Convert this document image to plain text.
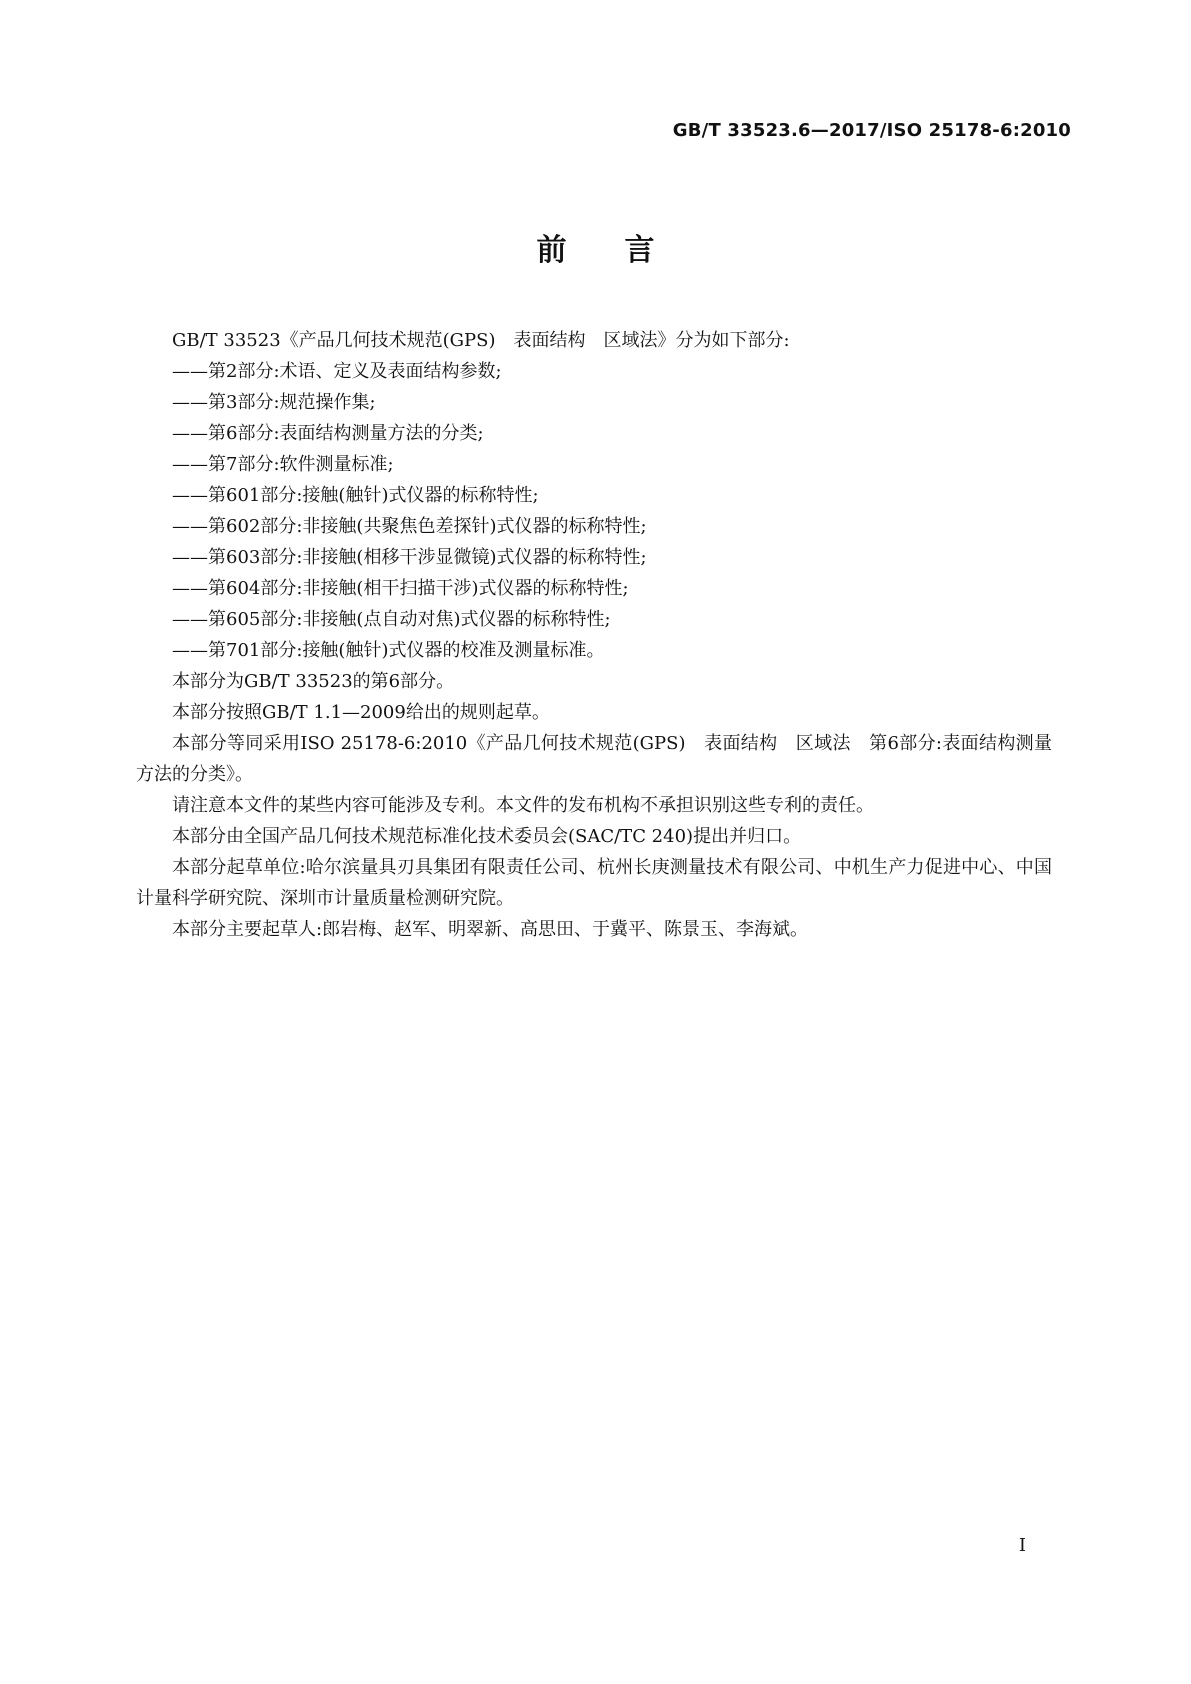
GB/T 33523.6—2017/ISO 25178-6:2010
前言

GB/T 33523《产品几何技术规范(GPS)　表面结构　区域法》分为如下部分:

——第2部分:术语、定义及表面结构参数;

——第3部分:规范操作集;

——第6部分:表面结构测量方法的分类;

——第7部分:软件测量标准;

——第601部分:接触(触针)式仪器的标称特性;

——第602部分:非接触(共聚焦色差探针)式仪器的标称特性;

——第603部分:非接触(相移干涉显微镜)式仪器的标称特性;

——第604部分:非接触(相干扫描干涉)式仪器的标称特性;

——第605部分:非接触(点自动对焦)式仪器的标称特性;

——第701部分:接触(触针)式仪器的校准及测量标准。

本部分为GB/T 33523的第6部分。

本部分按照GB/T 1.1—2009给出的规则起草。

本部分等同采用ISO 25178-6:2010《产品几何技术规范(GPS)　表面结构　区域法　第6部分:表面结构测量方法的分类》。

请注意本文件的某些内容可能涉及专利。本文件的发布机构不承担识别这些专利的责任。

本部分由全国产品几何技术规范标准化技术委员会(SAC/TC 240)提出并归口。

本部分起草单位:哈尔滨量具刃具集团有限责任公司、杭州长庚测量技术有限公司、中机生产力促进中心、中国计量科学研究院、深圳市计量质量检测研究院。

本部分主要起草人:郎岩梅、赵军、明翠新、高思田、于冀平、陈景玉、李海斌。

I
